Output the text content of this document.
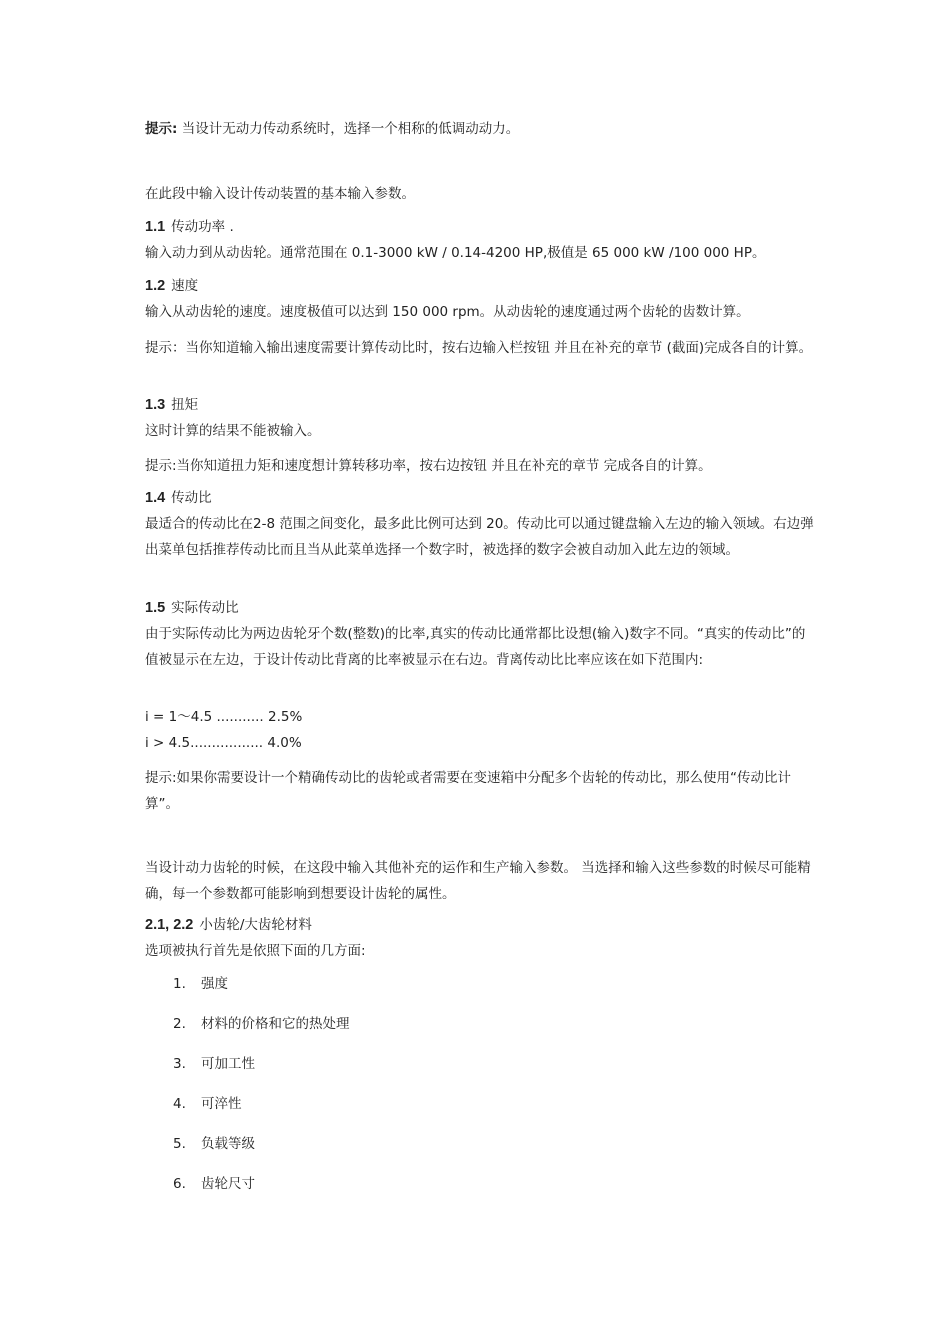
提示: 当设计无动力传动系统时，选择一个相称的低调动动力。
在此段中输入设计传动装置的基本输入参数。
1.1 传动功率 .
输入动力到从动齿轮。通常范围在 0.1-3000 kW / 0.14-4200 HP,极值是 65 000 kW /100 000 HP。
1.2 速度
输入从动齿轮的速度。速度极值可以达到 150 000 rpm。从动齿轮的速度通过两个齿轮的齿数计算。
提示：当你知道输入输出速度需要计算传动比时，按右边输入栏按钮 并且在补充的章节 (截面)完成各自的计算。
1.3 扭矩
这时计算的结果不能被输入。
提示:当你知道扭力矩和速度想计算转移功率，按右边按钮 并且在补充的章节 完成各自的计算。
1.4 传动比
最适合的传动比在2-8 范围之间变化，最多此比例可达到 20。传动比可以通过键盘输入左边的输入领域。右边弹出菜单包括推荐传动比而且当从此菜单选择一个数字时，被选择的数字会被自动加入此左边的领域。
1.5 实际传动比
由于实际传动比为两边齿轮牙个数(整数)的比率,真实的传动比通常都比设想(输入)数字不同。“真实的传动比”的值被显示在左边，于设计传动比背离的比率被显示在右边。背离传动比比率应该在如下范围内:
i = 1～4.5 ........... 2.5%
i > 4.5................. 4.0%
提示:如果你需要设计一个精确传动比的齿轮或者需要在变速箱中分配多个齿轮的传动比，那么使用“传动比计算”。
当设计动力齿轮的时候，在这段中输入其他补充的运作和生产输入参数。 当选择和输入这些参数的时候尽可能精确，每一个参数都可能影响到想要设计齿轮的属性。
2.1, 2.2 小齿轮/大齿轮材料
选项被执行首先是依照下面的几方面:
1. 强度
2. 材料的价格和它的热处理
3. 可加工性
4. 可淬性
5. 负载等级
6. 齿轮尺寸
